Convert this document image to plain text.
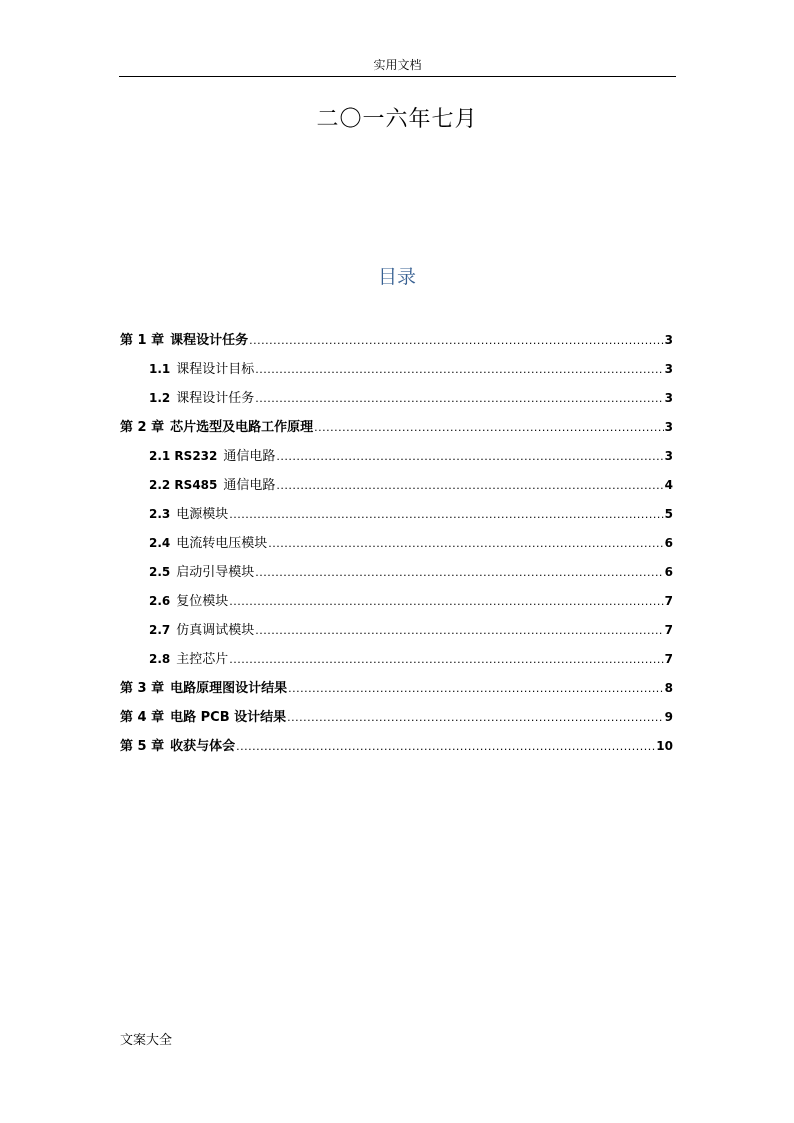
实用文档
二〇一六年七月
目录
第 1 章 课程设计任务 .....	3
1.1 课程设计目标 .....	3
1.2 课程设计任务 .....	3
第 2 章 芯片选型及电路工作原理 .....	3
2.1 RS232 通信电路 .....	3
2.2 RS485 通信电路 .....	4
2.3 电源模块 .....	5
2.4 电流转电压模块 .....	6
2.5 启动引导模块 .....	6
2.6 复位模块 .....	7
2.7 仿真调试模块 .....	7
2.8 主控芯片 .....	7
第 3 章 电路原理图设计结果 .....	8
第 4 章 电路 PCB 设计结果 .....	9
第 5 章 收获与体会 .....	10
文案大全
